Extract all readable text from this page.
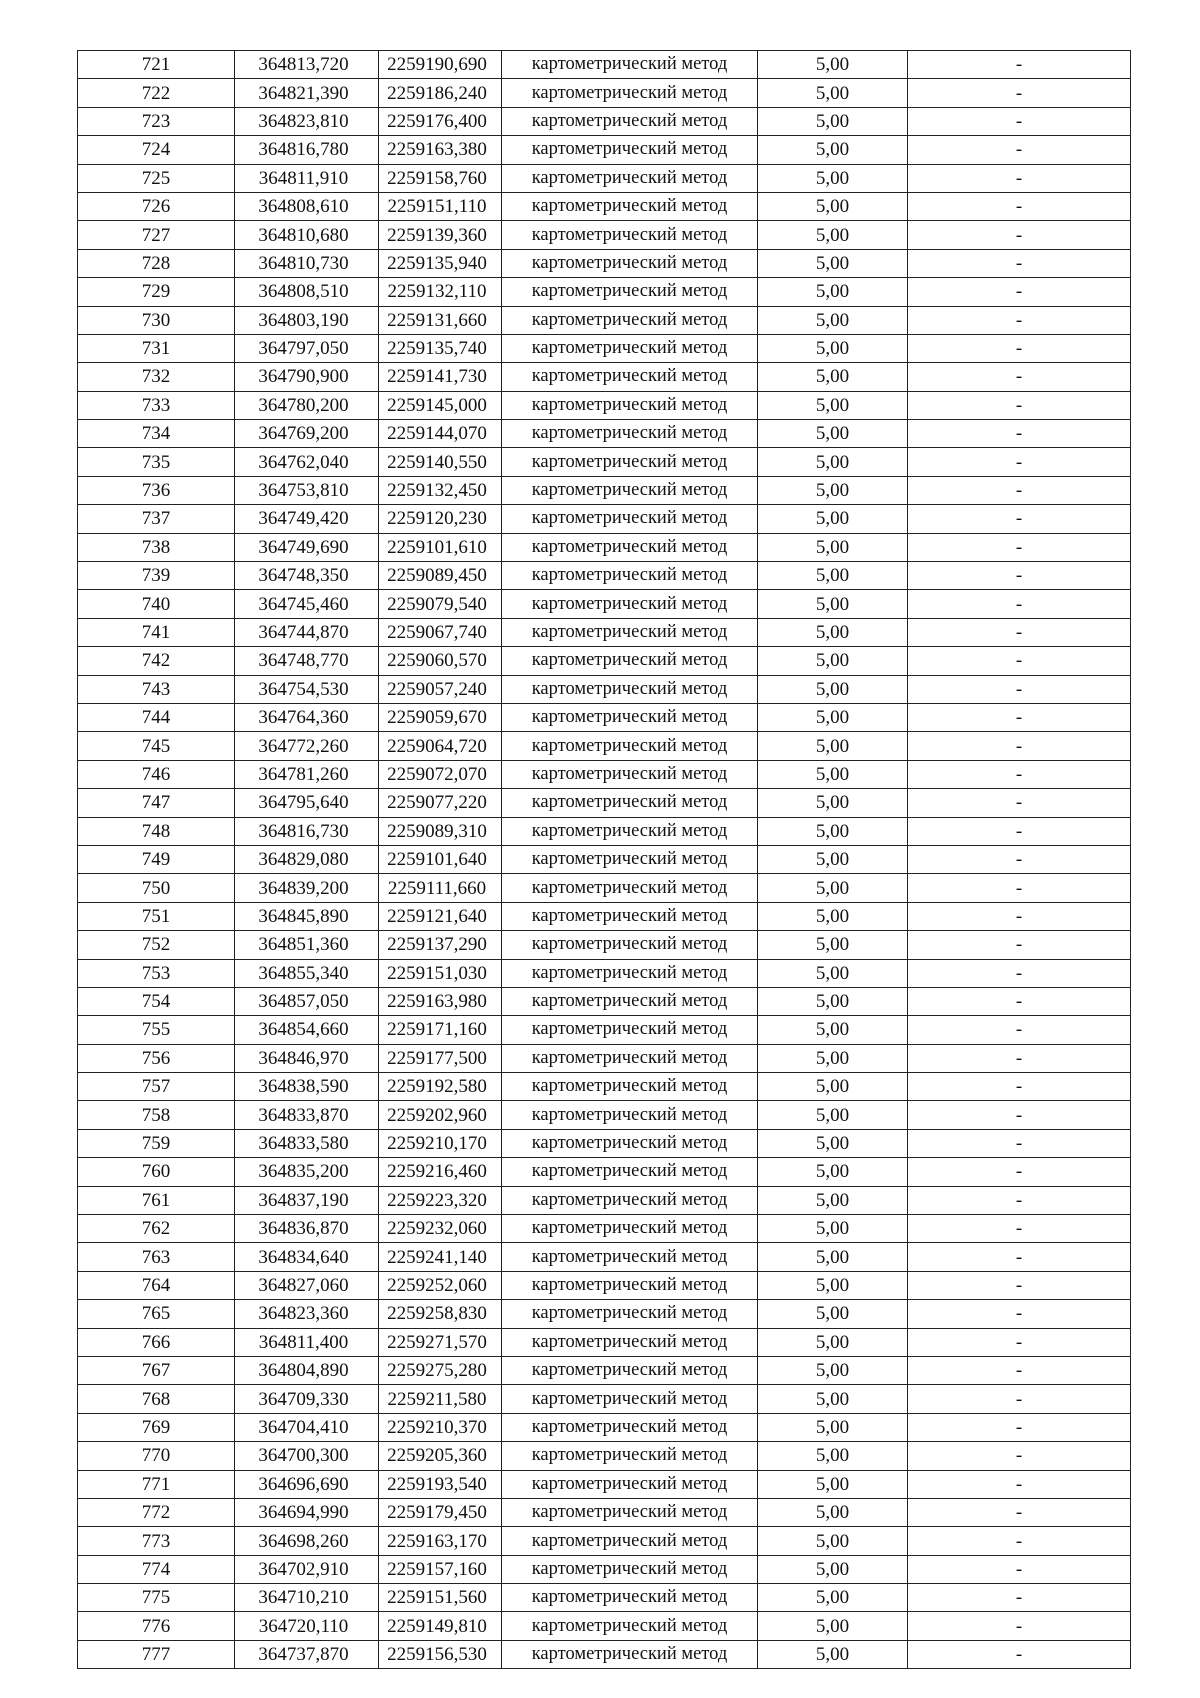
721	364813,720	2259190,690	картометрический метод	5,00	-
722	364821,390	2259186,240	картометрический метод	5,00	-
723	364823,810	2259176,400	картометрический метод	5,00	-
724	364816,780	2259163,380	картометрический метод	5,00	-
725	364811,910	2259158,760	картометрический метод	5,00	-
726	364808,610	2259151,110	картометрический метод	5,00	-
727	364810,680	2259139,360	картометрический метод	5,00	-
728	364810,730	2259135,940	картометрический метод	5,00	-
729	364808,510	2259132,110	картометрический метод	5,00	-
730	364803,190	2259131,660	картометрический метод	5,00	-
731	364797,050	2259135,740	картометрический метод	5,00	-
732	364790,900	2259141,730	картометрический метод	5,00	-
733	364780,200	2259145,000	картометрический метод	5,00	-
734	364769,200	2259144,070	картометрический метод	5,00	-
735	364762,040	2259140,550	картометрический метод	5,00	-
736	364753,810	2259132,450	картометрический метод	5,00	-
737	364749,420	2259120,230	картометрический метод	5,00	-
738	364749,690	2259101,610	картометрический метод	5,00	-
739	364748,350	2259089,450	картометрический метод	5,00	-
740	364745,460	2259079,540	картометрический метод	5,00	-
741	364744,870	2259067,740	картометрический метод	5,00	-
742	364748,770	2259060,570	картометрический метод	5,00	-
743	364754,530	2259057,240	картометрический метод	5,00	-
744	364764,360	2259059,670	картометрический метод	5,00	-
745	364772,260	2259064,720	картометрический метод	5,00	-
746	364781,260	2259072,070	картометрический метод	5,00	-
747	364795,640	2259077,220	картометрический метод	5,00	-
748	364816,730	2259089,310	картометрический метод	5,00	-
749	364829,080	2259101,640	картометрический метод	5,00	-
750	364839,200	2259111,660	картометрический метод	5,00	-
751	364845,890	2259121,640	картометрический метод	5,00	-
752	364851,360	2259137,290	картометрический метод	5,00	-
753	364855,340	2259151,030	картометрический метод	5,00	-
754	364857,050	2259163,980	картометрический метод	5,00	-
755	364854,660	2259171,160	картометрический метод	5,00	-
756	364846,970	2259177,500	картометрический метод	5,00	-
757	364838,590	2259192,580	картометрический метод	5,00	-
758	364833,870	2259202,960	картометрический метод	5,00	-
759	364833,580	2259210,170	картометрический метод	5,00	-
760	364835,200	2259216,460	картометрический метод	5,00	-
761	364837,190	2259223,320	картометрический метод	5,00	-
762	364836,870	2259232,060	картометрический метод	5,00	-
763	364834,640	2259241,140	картометрический метод	5,00	-
764	364827,060	2259252,060	картометрический метод	5,00	-
765	364823,360	2259258,830	картометрический метод	5,00	-
766	364811,400	2259271,570	картометрический метод	5,00	-
767	364804,890	2259275,280	картометрический метод	5,00	-
768	364709,330	2259211,580	картометрический метод	5,00	-
769	364704,410	2259210,370	картометрический метод	5,00	-
770	364700,300	2259205,360	картометрический метод	5,00	-
771	364696,690	2259193,540	картометрический метод	5,00	-
772	364694,990	2259179,450	картометрический метод	5,00	-
773	364698,260	2259163,170	картометрический метод	5,00	-
774	364702,910	2259157,160	картометрический метод	5,00	-
775	364710,210	2259151,560	картометрический метод	5,00	-
776	364720,110	2259149,810	картометрический метод	5,00	-
777	364737,870	2259156,530	картометрический метод	5,00	-
